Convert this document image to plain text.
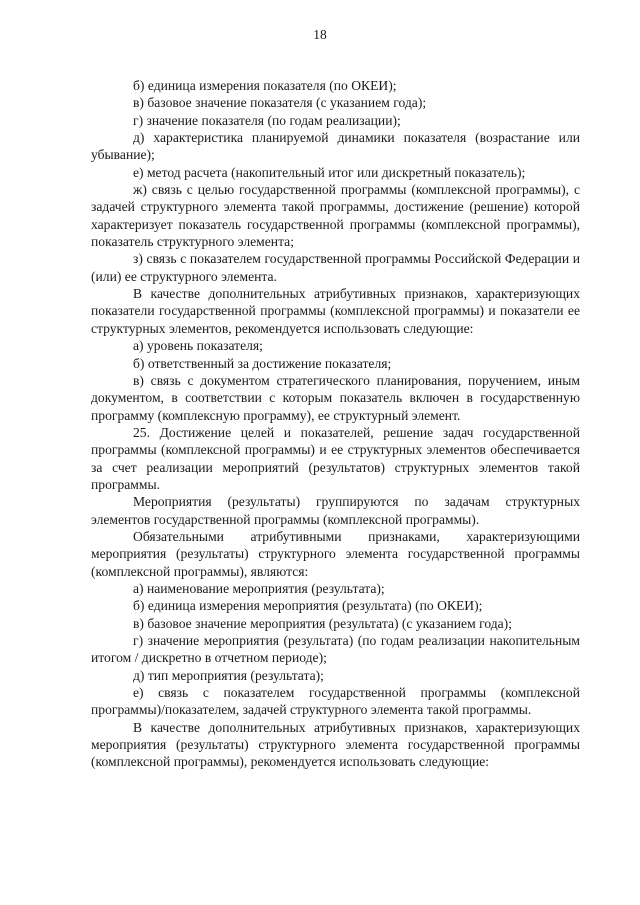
18

б) единица измерения показателя (по ОКЕИ);

в) базовое значение показателя (с указанием года);

г) значение показателя (по годам реализации);

д) характеристика планируемой динамики показателя (возрастание или убывание);

е) метод расчета (накопительный итог или дискретный показатель);

ж) связь с целью государственной программы (комплексной программы), с задачей структурного элемента такой программы, достижение (решение) которой характеризует показатель государственной программы (комплексной программы), показатель структурного элемента;

з) связь с показателем государственной программы Российской Федерации и (или) ее структурного элемента.

В качестве дополнительных атрибутивных признаков, характеризующих показатели государственной программы (комплексной программы) и показатели ее структурных элементов, рекомендуется использовать следующие:

а) уровень показателя;

б) ответственный за достижение показателя;

в) связь с документом стратегического планирования, поручением, иным документом, в соответствии с которым показатель включен в государственную программу (комплексную программу), ее структурный элемент.

25. Достижение целей и показателей, решение задач государственной программы (комплексной программы) и ее структурных элементов обеспечивается за счет реализации мероприятий (результатов) структурных элементов такой программы.

Мероприятия (результаты) группируются по задачам структурных элементов государственной программы (комплексной программы).

Обязательными атрибутивными признаками, характеризующими мероприятия (результаты) структурного элемента государственной программы (комплексной программы), являются:

а) наименование мероприятия (результата);

б) единица измерения мероприятия (результата) (по ОКЕИ);

в) базовое значение мероприятия (результата) (с указанием года);

г) значение мероприятия (результата) (по годам реализации накопительным итогом / дискретно в отчетном периоде);

д) тип мероприятия (результата);

е) связь с показателем государственной программы (комплексной программы)/показателем, задачей структурного элемента такой программы.

В качестве дополнительных атрибутивных признаков, характеризующих мероприятия (результаты) структурного элемента государственной программы (комплексной программы), рекомендуется использовать следующие:
